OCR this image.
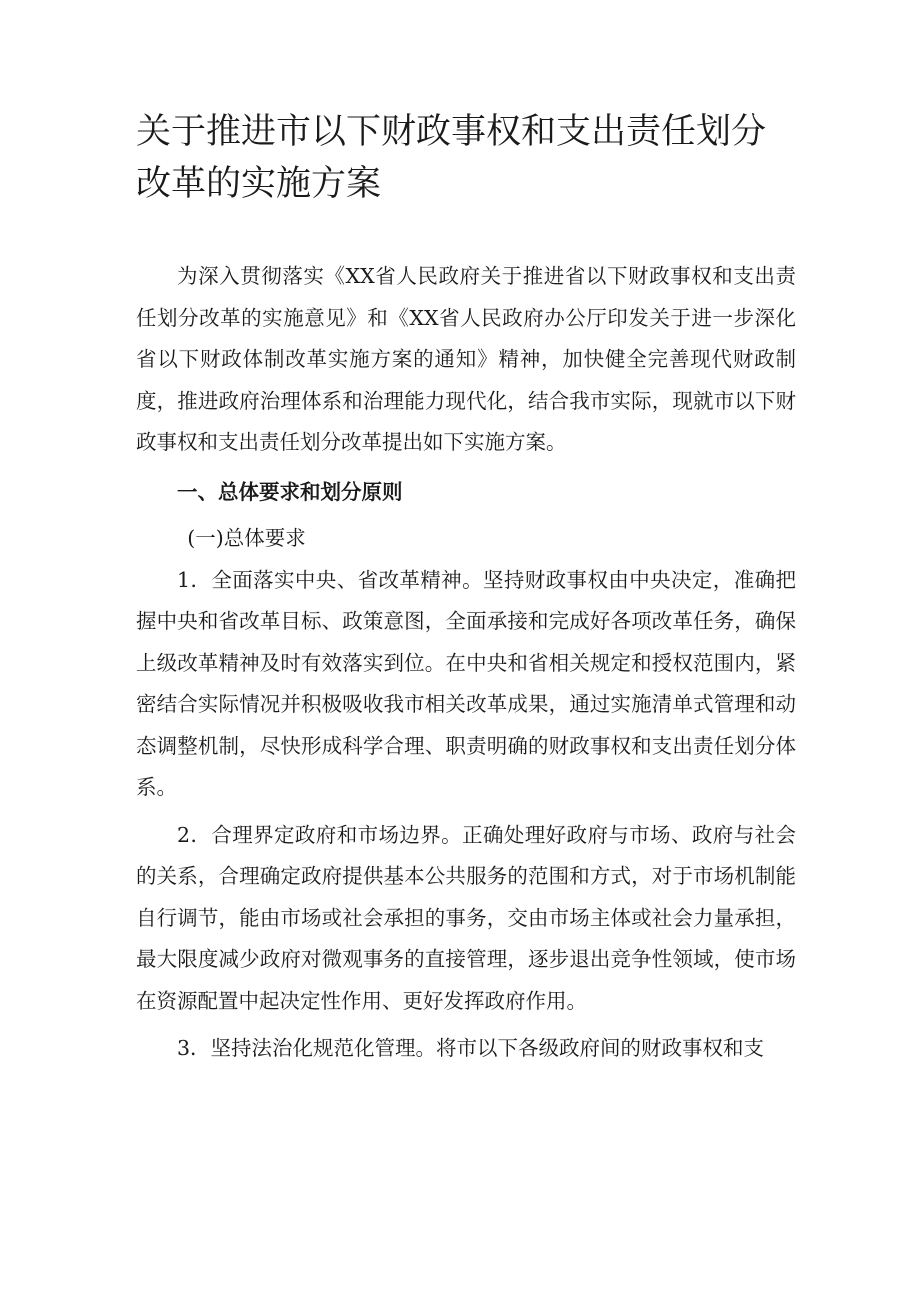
关于推进市以下财政事权和支出责任划分改革的实施方案

为深入贯彻落实《XX省人民政府关于推进省以下财政事权和支出责任划分改革的实施意见》和《XX省人民政府办公厅印发关于进一步深化省以下财政体制改革实施方案的通知》精神，加快健全完善现代财政制度，推进政府治理体系和治理能力现代化，结合我市实际，现就市以下财政事权和支出责任划分改革提出如下实施方案。

一、总体要求和划分原则

(一)总体要求

1．全面落实中央、省改革精神。坚持财政事权由中央决定，准确把握中央和省改革目标、政策意图，全面承接和完成好各项改革任务，确保上级改革精神及时有效落实到位。在中央和省相关规定和授权范围内，紧密结合实际情况并积极吸收我市相关改革成果，通过实施清单式管理和动态调整机制，尽快形成科学合理、职责明确的财政事权和支出责任划分体系。

2．合理界定政府和市场边界。正确处理好政府与市场、政府与社会的关系，合理确定政府提供基本公共服务的范围和方式，对于市场机制能自行调节，能由市场或社会承担的事务，交由市场主体或社会力量承担，最大限度减少政府对微观事务的直接管理，逐步退出竞争性领域，使市场在资源配置中起决定性作用、更好发挥政府作用。

3．坚持法治化规范化管理。将市以下各级政府间的财政事权和支
